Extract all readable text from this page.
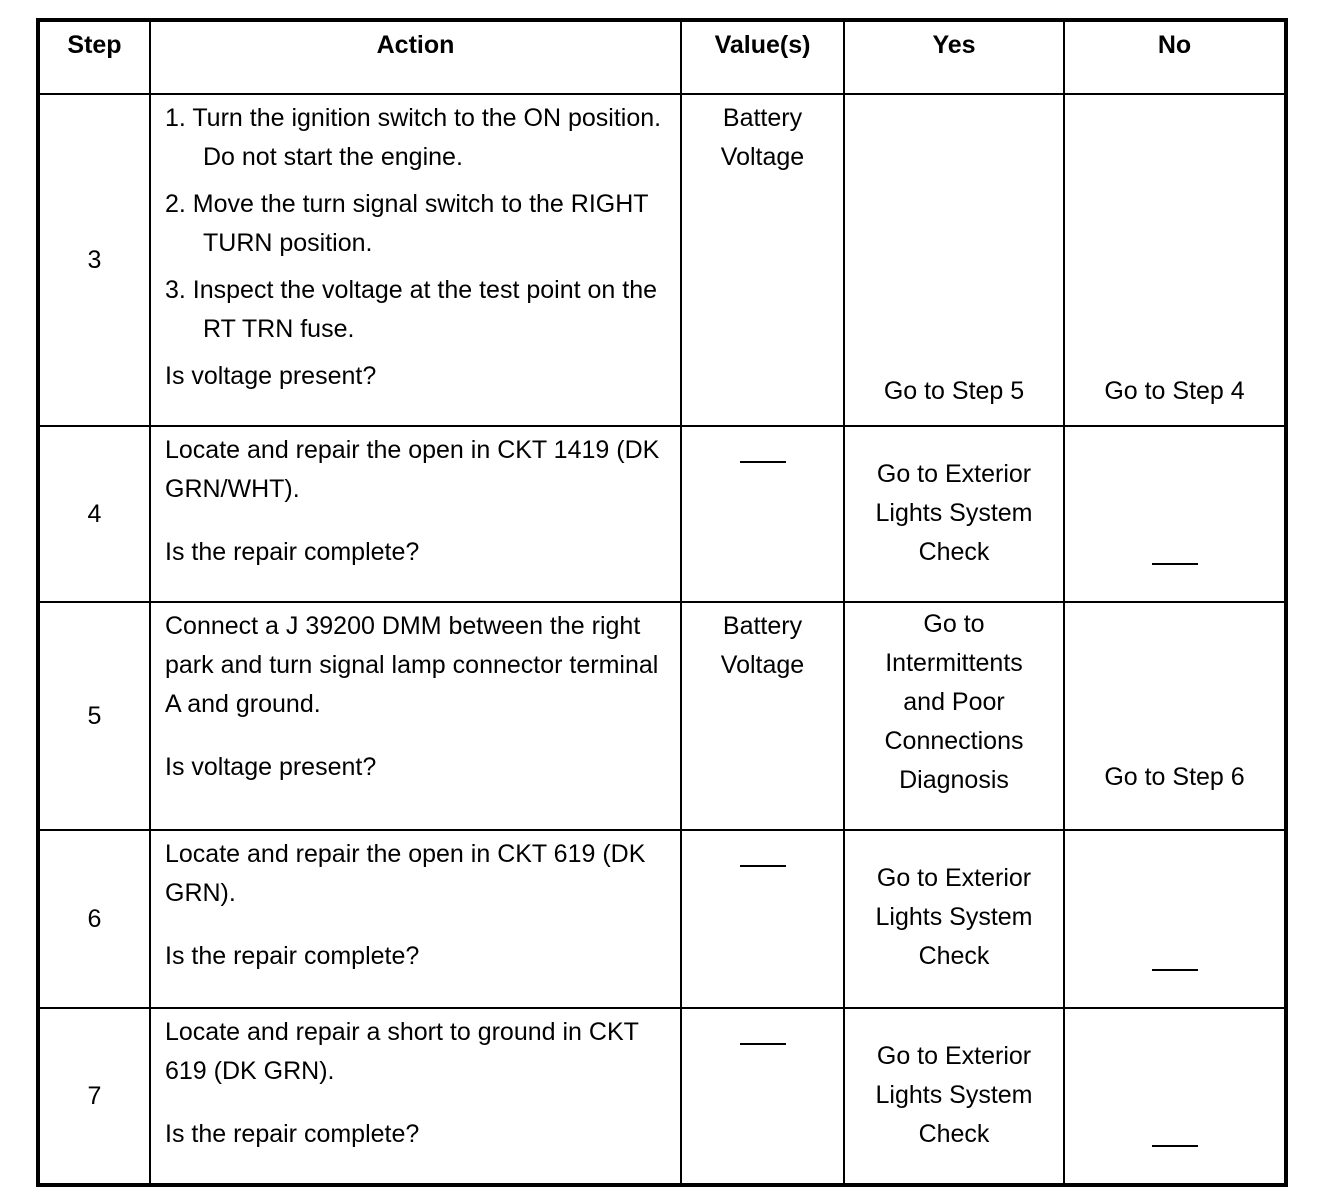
Step	Action	Value(s)	Yes	No

3	1. Turn the ignition switch to the ON position. Do not start the engine.
2. Move the turn signal switch to the RIGHT TURN position.
3. Inspect the voltage at the test point on the RT TRN fuse.
Is voltage present?	Battery Voltage	Go to Step 5	Go to Step 4

4	Locate and repair the open in CKT 1419 (DK GRN/WHT).
Is the repair complete?		Go to Exterior Lights System Check	

5	Connect a J 39200 DMM between the right park and turn signal lamp connector terminal A and ground.
Is voltage present?	Battery Voltage	Go to Intermittents and Poor Connections Diagnosis	Go to Step 6

6	Locate and repair the open in CKT 619 (DK GRN).
Is the repair complete?		Go to Exterior Lights System Check	

7	Locate and repair a short to ground in CKT 619 (DK GRN).
Is the repair complete?		Go to Exterior Lights System Check	
